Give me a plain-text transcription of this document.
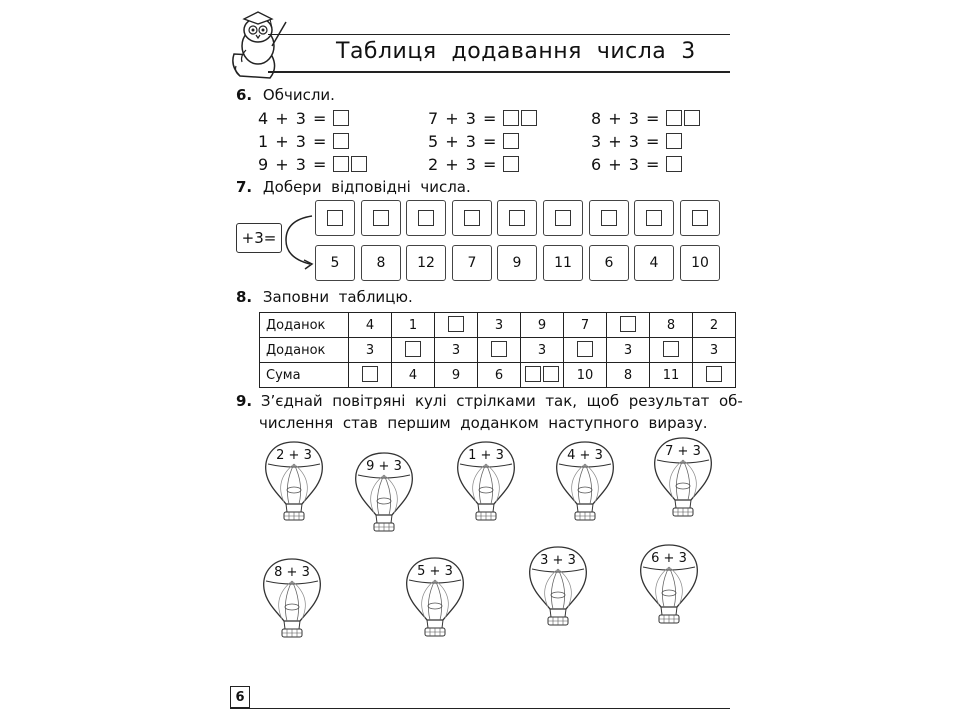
Таблиця  додавання  числа  3
6. Обчисли.
4 + 3 =
1 + 3 =
9 + 3 =
7 + 3 =
5 + 3 =
2 + 3 =
8 + 3 =
3 + 3 =
6 + 3 =
7. Добери  відповідні  числа.
+3=
5	8 12 7	9 11 6	4 10
8. Заповни  таблицю.
Доданок	4	1		3	9	7		8	2
Доданок	3		3		3		3		3
Сума		4	9	6		10	8	11	
9. З’єднай  повітряні  кулі  стрілками  так,  щоб  результат  об-
числення  став  першим  доданком  наступного  виразу.
2 + 3
9 + 3
1 + 3	4 + 3	7 + 3
8 + 3	5 + 3
3 + 3	6 + 3
6
